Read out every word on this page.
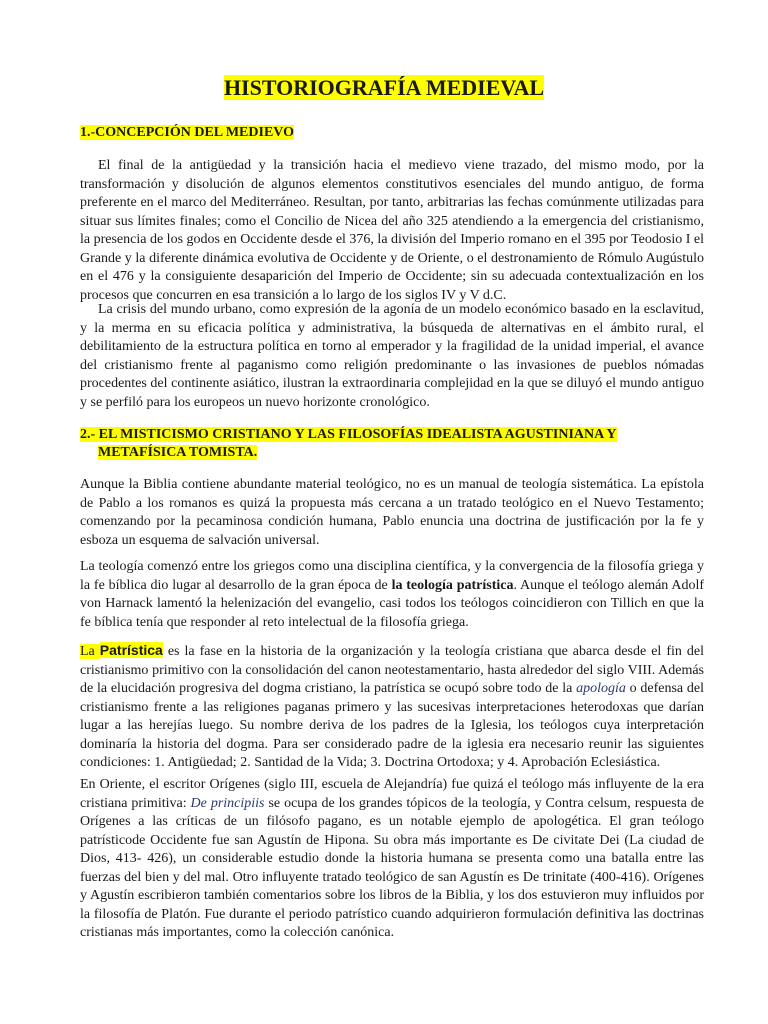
HISTORIOGRAFÍA MEDIEVAL
1.-CONCEPCIÓN DEL MEDIEVO

El final de la antigüedad y la transición hacia el medievo viene trazado, del mismo modo, por la transformación y disolución de algunos elementos constitutivos esenciales del mundo antiguo, de forma preferente en el marco del Mediterráneo. Resultan, por tanto, arbitrarias las fechas comúnmente utilizadas para situar sus límites finales; como el Concilio de Nicea del año 325 atendiendo a la emergencia del cristianismo, la presencia de los godos en Occidente desde el 376, la división del Imperio romano en el 395 por Teodosio I el Grande y la diferente dinámica evolutiva de Occidente y de Oriente, o el destronamiento de Rómulo Augústulo en el 476 y la consiguiente desaparición del Imperio de Occidente; sin su adecuada contextualización en los procesos que concurren en esa transición a lo largo de los siglos IV y V d.C.

La crisis del mundo urbano, como expresión de la agonía de un modelo económico basado en la esclavitud, y la merma en su eficacia política y administrativa, la búsqueda de alternativas en el ámbito rural, el debilitamiento de la estructura política en torno al emperador y la fragilidad de la unidad imperial, el avance del cristianismo frente al paganismo como religión predominante o las invasiones de pueblos nómadas procedentes del continente asiático, ilustran la extraordinaria complejidad en la que se diluyó el mundo antiguo y se perfiló para los europeos un nuevo horizonte cronológico.

2.- EL MISTICISMO CRISTIANO Y LAS FILOSOFÍAS IDEALISTA AGUSTINIANA Y
METAFÍSICA TOMISTA.

Aunque la Biblia contiene abundante material teológico, no es un manual de teología sistemática. La epístola de Pablo a los romanos es quizá la propuesta más cercana a un tratado teológico en el Nuevo Testamento; comenzando por la pecaminosa condición humana, Pablo enuncia una doctrina de justificación por la fe y esboza un esquema de salvación universal.

La teología comenzó entre los griegos como una disciplina científica, y la convergencia de la filosofía griega y la fe bíblica dio lugar al desarrollo de la gran época de la teología patrística. Aunque el teólogo alemán Adolf von Harnack lamentó la helenización del evangelio, casi todos los teólogos coincidieron con Tillich en que la fe bíblica tenía que responder al reto intelectual de la filosofía griega.

La Patrística es la fase en la historia de la organización y la teología cristiana que abarca desde el fin del cristianismo primitivo con la consolidación del canon neotestamentario, hasta alrededor del siglo VIII. Además de la elucidación progresiva del dogma cristiano, la patrística se ocupó sobre todo de la apología o defensa del cristianismo frente a las religiones paganas primero y las sucesivas interpretaciones heterodoxas que darían lugar a las herejías luego. Su nombre deriva de los padres de la Iglesia, los teólogos cuya interpretación dominaría la historia del dogma. Para ser considerado padre de la iglesia era necesario reunir las siguientes condiciones: 1. Antigüedad; 2. Santidad de la Vida; 3. Doctrina Ortodoxa; y 4. Aprobación Eclesiástica.

En Oriente, el escritor Orígenes (siglo III, escuela de Alejandría) fue quizá el teólogo más influyente de la era cristiana primitiva: De principiis se ocupa de los grandes tópicos de la teología, y Contra celsum, respuesta de Orígenes a las críticas de un filósofo pagano, es un notable ejemplo de apologética. El gran teólogo patrísticode Occidente fue san Agustín de Hipona. Su obra más importante es De civitate Dei (La ciudad de Dios, 413- 426), un considerable estudio donde la historia humana se presenta como una batalla entre las fuerzas del bien y del mal. Otro influyente tratado teológico de san Agustín es De trinitate (400-416). Orígenes y Agustín escribieron también comentarios sobre los libros de la Biblia, y los dos estuvieron muy influidos por la filosofía de Platón. Fue durante el periodo patrístico cuando adquirieron formulación definitiva las doctrinas cristianas más importantes, como la colección canónica.
